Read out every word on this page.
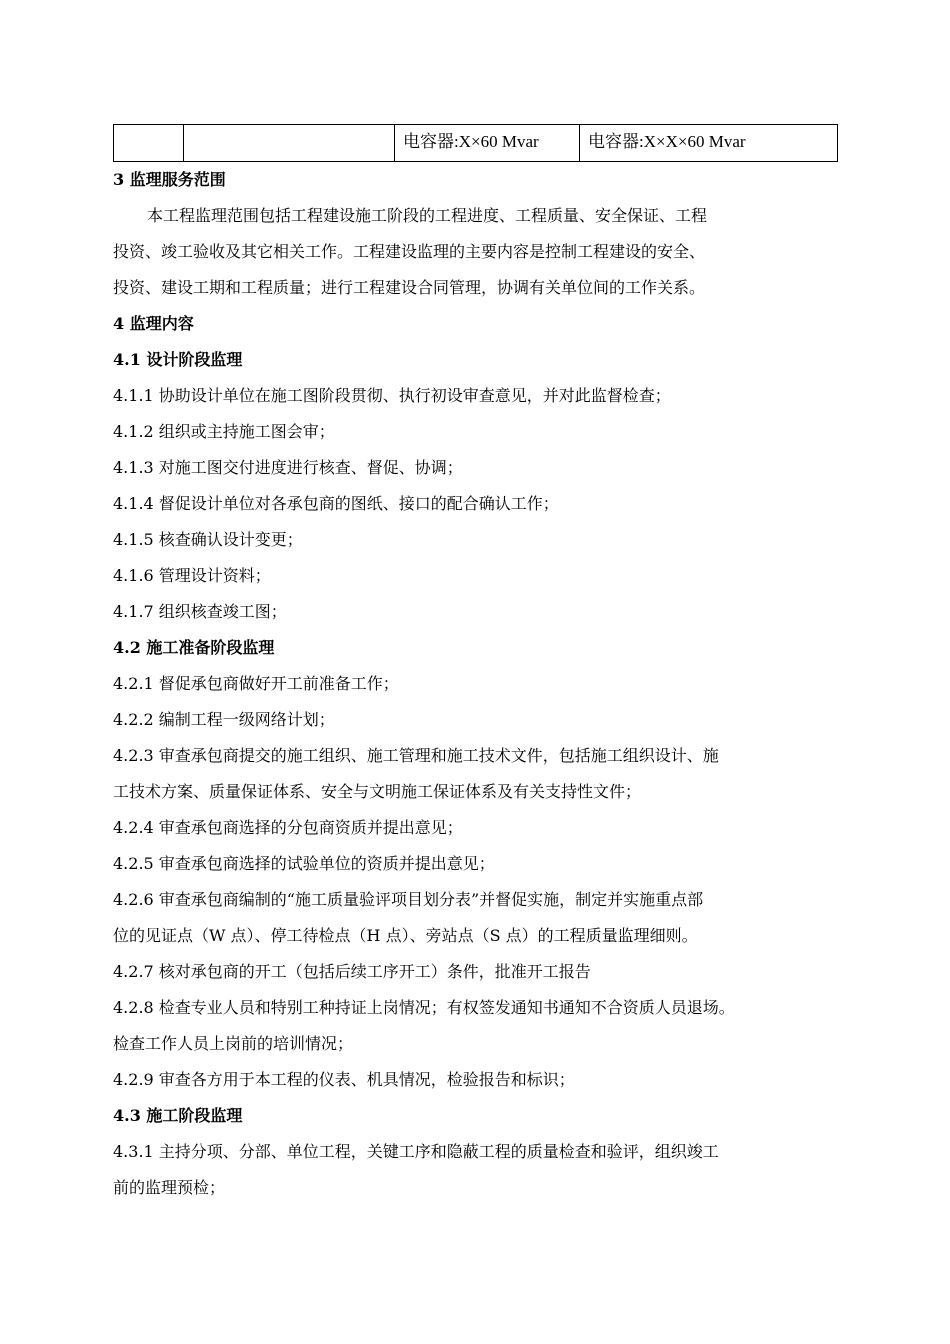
		电容器:X×60 Mvar	电容器:X×X×60 Mvar
3 监理服务范围
本工程监理范围包括工程建设施工阶段的工程进度、工程质量、安全保证、工程
投资、竣工验收及其它相关工作。工程建设监理的主要内容是控制工程建设的安全、
投资、建设工期和工程质量；进行工程建设合同管理，协调有关单位间的工作关系。
4 监理内容
4.1 设计阶段监理
4.1.1 协助设计单位在施工图阶段贯彻、执行初设审查意见，并对此监督检查；
4.1.2 组织或主持施工图会审；
4.1.3 对施工图交付进度进行核查、督促、协调；
4.1.4 督促设计单位对各承包商的图纸、接口的配合确认工作；
4.1.5 核查确认设计变更；
4.1.6 管理设计资料；
4.1.7 组织核查竣工图；
4.2 施工准备阶段监理
4.2.1 督促承包商做好开工前准备工作；
4.2.2 编制工程一级网络计划；
4.2.3 审查承包商提交的施工组织、施工管理和施工技术文件，包括施工组织设计、施
工技术方案、质量保证体系、安全与文明施工保证体系及有关支持性文件；
4.2.4 审查承包商选择的分包商资质并提出意见；
4.2.5 审查承包商选择的试验单位的资质并提出意见；
4.2.6 审查承包商编制的“施工质量验评项目划分表”并督促实施，制定并实施重点部
位的见证点（W 点）、停工待检点（H 点）、旁站点（S 点）的工程质量监理细则。
4.2.7 核对承包商的开工（包括后续工序开工）条件，批准开工报告
4.2.8 检查专业人员和特别工种持证上岗情况；有权签发通知书通知不合资质人员退场。
检查工作人员上岗前的培训情况；
4.2.9 审查各方用于本工程的仪表、机具情况，检验报告和标识；
4.3 施工阶段监理
4.3.1 主持分项、分部、单位工程，关键工序和隐蔽工程的质量检查和验评，组织竣工
前的监理预检；
